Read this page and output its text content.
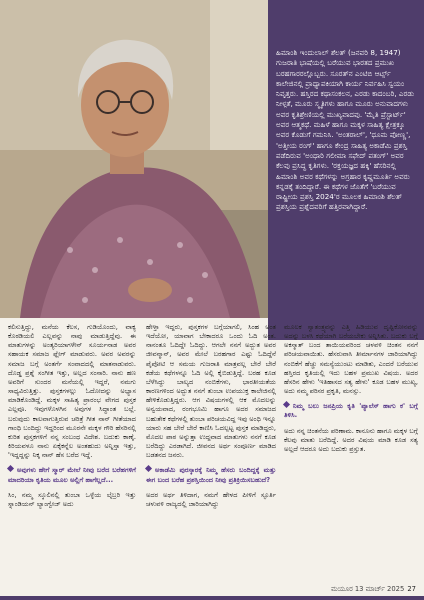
ಹಿಮಾಂಶಿ ಇಂದುಲಾಲ್ ಶೆಲತ್ (ಜನವರಿ 8, 1947) ಗುಜರಾತಿ ಭಾಷೆಯಲ್ಲಿ ಬರೆಯುವ ಭಾರತದ ಪ್ರಮುಖ ಬರಹಗಾರರಲ್ಲೊಬ್ಬರು. ಸೂರತ್‌ನ ಎಂಟಿಬಿ ಆರ್ಟ್ಸ್ ಕಾಲೇಜಿನಲ್ಲಿ ಪ್ರಾಧ್ಯಾಪಕಿಯಾಗಿ ಕಾರ್ಯ ನಿರ್ವಹಿಸಿ ಸ್ವಯಂ ನಿವೃತ್ತರು. ಹಸ್ತಿರದ ಕಥಾಸಂಕಲನ, ಎರಡು ಕಾದಂಬರಿ, ಎರಡು ನೀಳ್ಗತೆ, ಮೂರು ಸ್ಮೃತಿಗಳು ಹಾಗೂ ಮೂರು ಅನುವಾದಗಳು ಅವರ ಕೃತಿಶ್ರೇಣಿಯಲ್ಲಿ ಮುಖ್ಯವಾದವು. 'ಮೈತಿ ಪ್ರೆಸ್ಟಾರ್ಟ್' ಅವರ ಆತ್ಮಕಥೆ. ಮಹಿಳೆ ಹಾಗೂ ಮಕ್ಕಳ ಸಾಹಿತ್ಯ ಕ್ಷೇತ್ರಕ್ಕೂ ಅವರ ಕೊಡುಗೆ ಗಮನಿಸಿ. 'ಅಂತರಾಲ್', 'ಧೂಮ ಪೋಣ್ಣ', 'ಅತ್ತೀಯ ರಂಗ್' ಹಾಗೂ ಕೇಂದ್ರ ಸಾಹಿತ್ಯ ಅಕಾಡೆಮಿ ಪ್ರಶಸ್ತಿ ಪಡೆದಿರುವ 'ಅಂಧಾರಿ ಗಲೀಮಾ ಸಫೇದ್ ಪತಂಗ್' ಅವರ ಕೆಲವು ಪ್ರಸಿದ್ಧ ಕೃತಿಗಳು. 'ರಕ್ತಯಜ್ಞದ ಹಕ್ಕಿ' ಹೆಸರಿನಲ್ಲಿ ಹಿಮಾಂಶಿ ಅವರ ಕಥೆಗಳನ್ನು ಅಗ್ರಹಾರ ಕೃಷ್ಣಮೂರ್ತಿ ಅವರು ಕನ್ನಡಕ್ಕೆ ತಂದಿದ್ದಾರೆ. ಈ ಕಥೆಗಳ ಜೊತೆಗೆ 'ಬರೆಯುವ ರಾಷ್ಟ್ರೀಯ ಪ್ರಶಸ್ತಿ 2024'ರ ಮೂಲಕ ಹಿಮಾಂಶಿ ಶೆಲತ್ ಪ್ರಶಸ್ತಿಯ ಪ್ರಶ್ನೆದವರಿಗೆ ಹತ್ತಿರವಾಗಿದ್ದಾರೆ.

ಕಲಿಸುತ್ತಿದ್ದು, ಮನೆಯ ಕೆಲಸ, ಗುಡಿಯೊಂದು, ವಾಕ್ಯ ಕೊಠಡಿಯಲಿ ಎಲ್ಲವನ್ನು ನಾವು ಮಾಡುತ್ತಿದ್ದೆವು. ಈ ಮಾತುಗಳನ್ನು ಅಂತ್ಯರಿಯಾಗಳೇನ್ ಸೂರ್ಯನಾಡ ಅವರ ಸಹಾಯಕ ಸಮಾಜ ಫ್ಲೇಗ್ ಮಾಡುವರು. ಅವರ ಅವರನ್ನು ಸಮಾಜ ಬಗ್ಗೆ ಅಂತರ್ಗೆ ಸಂವಾದದಲ್ಲಿ ಮಾತನಾಡುವರು. ದೊಡ್ಡ ಪ್ರಶ್ನೆ ಸಂಗೀತ ಇತ್ತು, ಅಲ್ಲದ ಸಂಸಾರಿ. ನಾನು ಹಣ ಅವರಿಗೆ ಸುಂದರ ಮನೆಯಲ್ಲಿ ಇದ್ದರೆ, ನಮಗು ಸಾಧ್ಯವಿರುತ್ತಿತ್ತು. ಪುಸ್ತಕಗಳಲ್ಲು ಓದೋದನ್ನು ಅಭ್ಯಾಸ ಮಾಡಿಕೊಂಡಿದ್ದೆ. ಮಕ್ಕಳ ಸಾಹಿತ್ಯ ಪ್ರಾರಂಭ ವೇಗದ ಪುಸ್ತಕ ಎಲ್ಲವೂ. ಇವುಗಳೊಳಗಿನ ಅವುಗಳ ಸಿದ್ಧಾಂತ ಬಲ್ಲೆ. ಬರುವುದು ಕಾಲವಾಗುತ್ತಿರುವ ಚರಿತ್ರೆ ಗೀತ ನಾನ್ ಗೀತೆಯಾದ ಗಾಂಧಿ ಬಂದಿದ್ದು ಇದ್ದರಿಂದ ಮೂರನೇ ಮಕ್ಕಳ ಗೌರಿ ಹೆಸರಿನಲ್ಲಿ ಕುರಿತ ಪುಸ್ತಕಗಳಿಗೆ ನನ್ನ ಸಂಬಂಧ ವಿದೇಶ. ಬದುಕು ಕಾಣ್ಕೆ. ಕಿರಿಯವಳೂ ನಾನು ಏಕೈಕನ್ನೆಲ ಅಂತಹುದು ಅನ್ನಿಸ್ತಾ ಇತ್ತು, 'ಇದ್ದದ್ದನ್ನು ನಿಕ್ಕ ನಾನ್ ಹೆಸ ಬರೆದ ಇದ್ದೆ.

ಅವುಗಳು ಹೇಗೆ ಸ್ಮಾರ್ ಮೇಲೆ ನೀವು ಬರೆದ ಬರೆಹಗಳಿಗೆ ಮಾದರಿಯಾ ಕೃತಿಯ ಮೂಲ ಅಲ್ಲಿಗೆ ಹಾಗೆಲ್ಲದೆ...

ಸಿಂ, ನಮ್ಮ ಸ್ಕೂಲಿನಲ್ಲಿ ತುಂಬಾ ಒಳ್ಳೆಯ ಲೈಬ್ರರಿ ಇತ್ತು ಸ್ನಾಂಡಿಯನ್ ಲ್ಯಾಂಗ್ವೇಜ್ ಅದು

ಹೇಳ್ತಾ ಇದ್ದರು, ಪುಸ್ತಕಗಳ ಬಗ್ಗೆಯಾಗಲಿ, ಸಿಂಹ ಅಂತ ಇದೆಯೋ, ಯಾವಾಗ ಬೇಕಾದರೂ ಒಂದು ಓದಿ ಅಂತ. ನಾನಂತೂ ಓದಿದ್ದೇ ಓದಿದ್ದು. ಆಗಲೇ ನನಗೆ ಅದ್ಭುತ ಅವರ ಜೀವನ್ಮಾನ್, ಅವರ ಮೇಲೆ ಬರಹಗಾರ ಎಷ್ಟು ಓದಿದ್ದೆನೆ ಪೈಪೋಟಿ ಆ ಸಮಯ ಗುಜರಾತಿ ಮಾತ್ರವಲ್ಲ ಬೇರೆ ಬೇರೆ ಕಡೆಯ ಕಥೆಗಳನ್ನೂ ಓದಿ ಅಲ್ಲಿ ಕೈಬಿಡುತ್ತಿದ್ದೆ. ಬರಹ ಕೂಡ ಬೆಳೆಸಿದ್ದು ಬಾಲ್ಯದ ನಂಬಿಕೆಗಳು, ಭಾರತೀಯತೆಯ ಕಾರಣಗಳಿಂದ ಅದ್ಭುತ ನನಗೆ ತುಂಬಾ ಉಪಯುಕ್ತ ಕಾಲೇಜಿನಲ್ಲಿ ಹೇಳಿಕೊಡುತ್ತಿದ್ದರು. ಆಗ ವಿಷಯಗಳಲ್ಲಿ ಆಕ ಮೊದಲನ್ನು ಅನ್ವಯವಾದ, ರಂಗಭೂಮಿ ಹಾಗೂ ಅದರ ಸಮಾಜದ ಬಹುತೇಕ ಕಥೆಗಳಲ್ಲಿ ತುಂಬಾ ಪರಿಚಯವಿದ್ದ ಇವು ಅಂಧಿ ಇನ್ನೂ ಯಾರು ಸಹ ಬೇರೆ ಬೇರೆ ಕಾಣಿಸಿ ಓದಲ್ಪಟ್ಟ ಪುಸ್ತಕ ಮಾಡಿದ್ದರು, ಮೊದಲ ಪಾಠ ಅನ್ನುತ್ತಾ ಉದ್ದವಾದ ಮಾತುಗಳು ನನಗೆ ಕೂಡ ಬರೆದಿದ್ದು ಎರಡಾಗಿದೆ. ಜೀವನದ ಅರ್ಥ ಸಂಪೂರ್ಣ ಮಾಡಿದ ಬಡತನದ ಜನರು.

ಅಕಾಡೆಮಿ ಪುರಸ್ಕಾರಕ್ಕೆ ನಿಮ್ಮ ಹೆಸರು ಬಂದಿದ್ದಕ್ಕೆ ಮತ್ತು ಈಗ ಬಂದ ಬರೆಹ ಪ್ರಶಸ್ತಿಯಿಂದ ನೀವು ಪ್ರತಿಕ್ರಿಯಿಸಬಹುದೆ?

ಅದರ ಅರ್ಥ ತಿಳಿದಾಗ, ನಮಗೆ ಹೇಳದ ಪೀಳಿಗೆ ಸ್ಫೂರ್ತಿ ಚಳುವಳಿ ರಾಜ್ಯದಲ್ಲಿ ಜಾರಿಯಾಗಿದ್ದು

ಮೂಲಕ ಸ್ವಾತಂತ್ರ್ಯವನ್ನು ಎತ್ತಿ ಹಿಡಿಯುವ ದೃಷ್ಟಿಕೋನವನ್ನು ಅದನ್ನು ಬಳಸಿ ಕಥೆಯಾಗಿ ಬರೆಯಬೇಕು ಅನ್ನಿಸಿತು. ಬದುಕು ಬಗ್ಗೆ ಅಕಸ್ಮಾತ್ ಬಂದ ತಾಯಿಯವರಿಂದ ಚಳವಳಿ ಚಿಂತನ ನನಗೆ ಪರಿಚಯವಾಯಿತು. ಹೆಸರುವಾಸಿ ತೀರ್ಮಾನಗಳ ಜಾರಿಯಾಗಿದ್ದು ನಂಬಿಕೆಗೆ ಹೆಚ್ಚು ಸಮಸ್ಯೆಯುಂಟು ಮಾಡಿತು, ಎಂದರೆ ಬರೆಯುವ ಹಸ್ತಿರದ ಕೃತಿಯಲ್ಲಿ ಇದು ಬಹಳ ಪ್ರಮುಖ ವಿಷಯ. ಅದರ ಹೆಸರಿನ ಹೇಳು 'ಇತಿಹಾಸದ ಸತ್ಯ ಹೇಳು' ಕೂಡ ಬಹಳ ಮುಖ್ಯ, ಅದು ನಮ್ಮ ಪರಿಸರ ಪ್ರಕೃತಿ, ಮನಸ್ಸು.

ನಿಮ್ಮ ಬಲು ಜನಪ್ರಿಯ ಕೃತಿ 'ಪ್ಯಾಲೆಸ್ ಹಾಗು ಕ' ಬಗ್ಗೆ ತಿಳಿಸಿ.

ಅದು ನನ್ನ ಚಿಂತನೆಯ ಪರಿಣಾಮ. ಕಾನೂನು ಹಾಗೂ ಮಕ್ಕಳ ಬಗ್ಗೆ ಕೆಲವು ಮಾತು ಬರೆದಿದ್ದೆ. ಅದರ ವಿಷಯ ಮಾಡಿ ಕೂಡ ಸತ್ಯ ಅಲ್ಲದೆ ಆದರೂ ಅದು ಬದುಕು ಪ್ರಸ್ತುತ.

ಮಯೂರ 13 ಮಾರ್ಚ್ 2025 27
